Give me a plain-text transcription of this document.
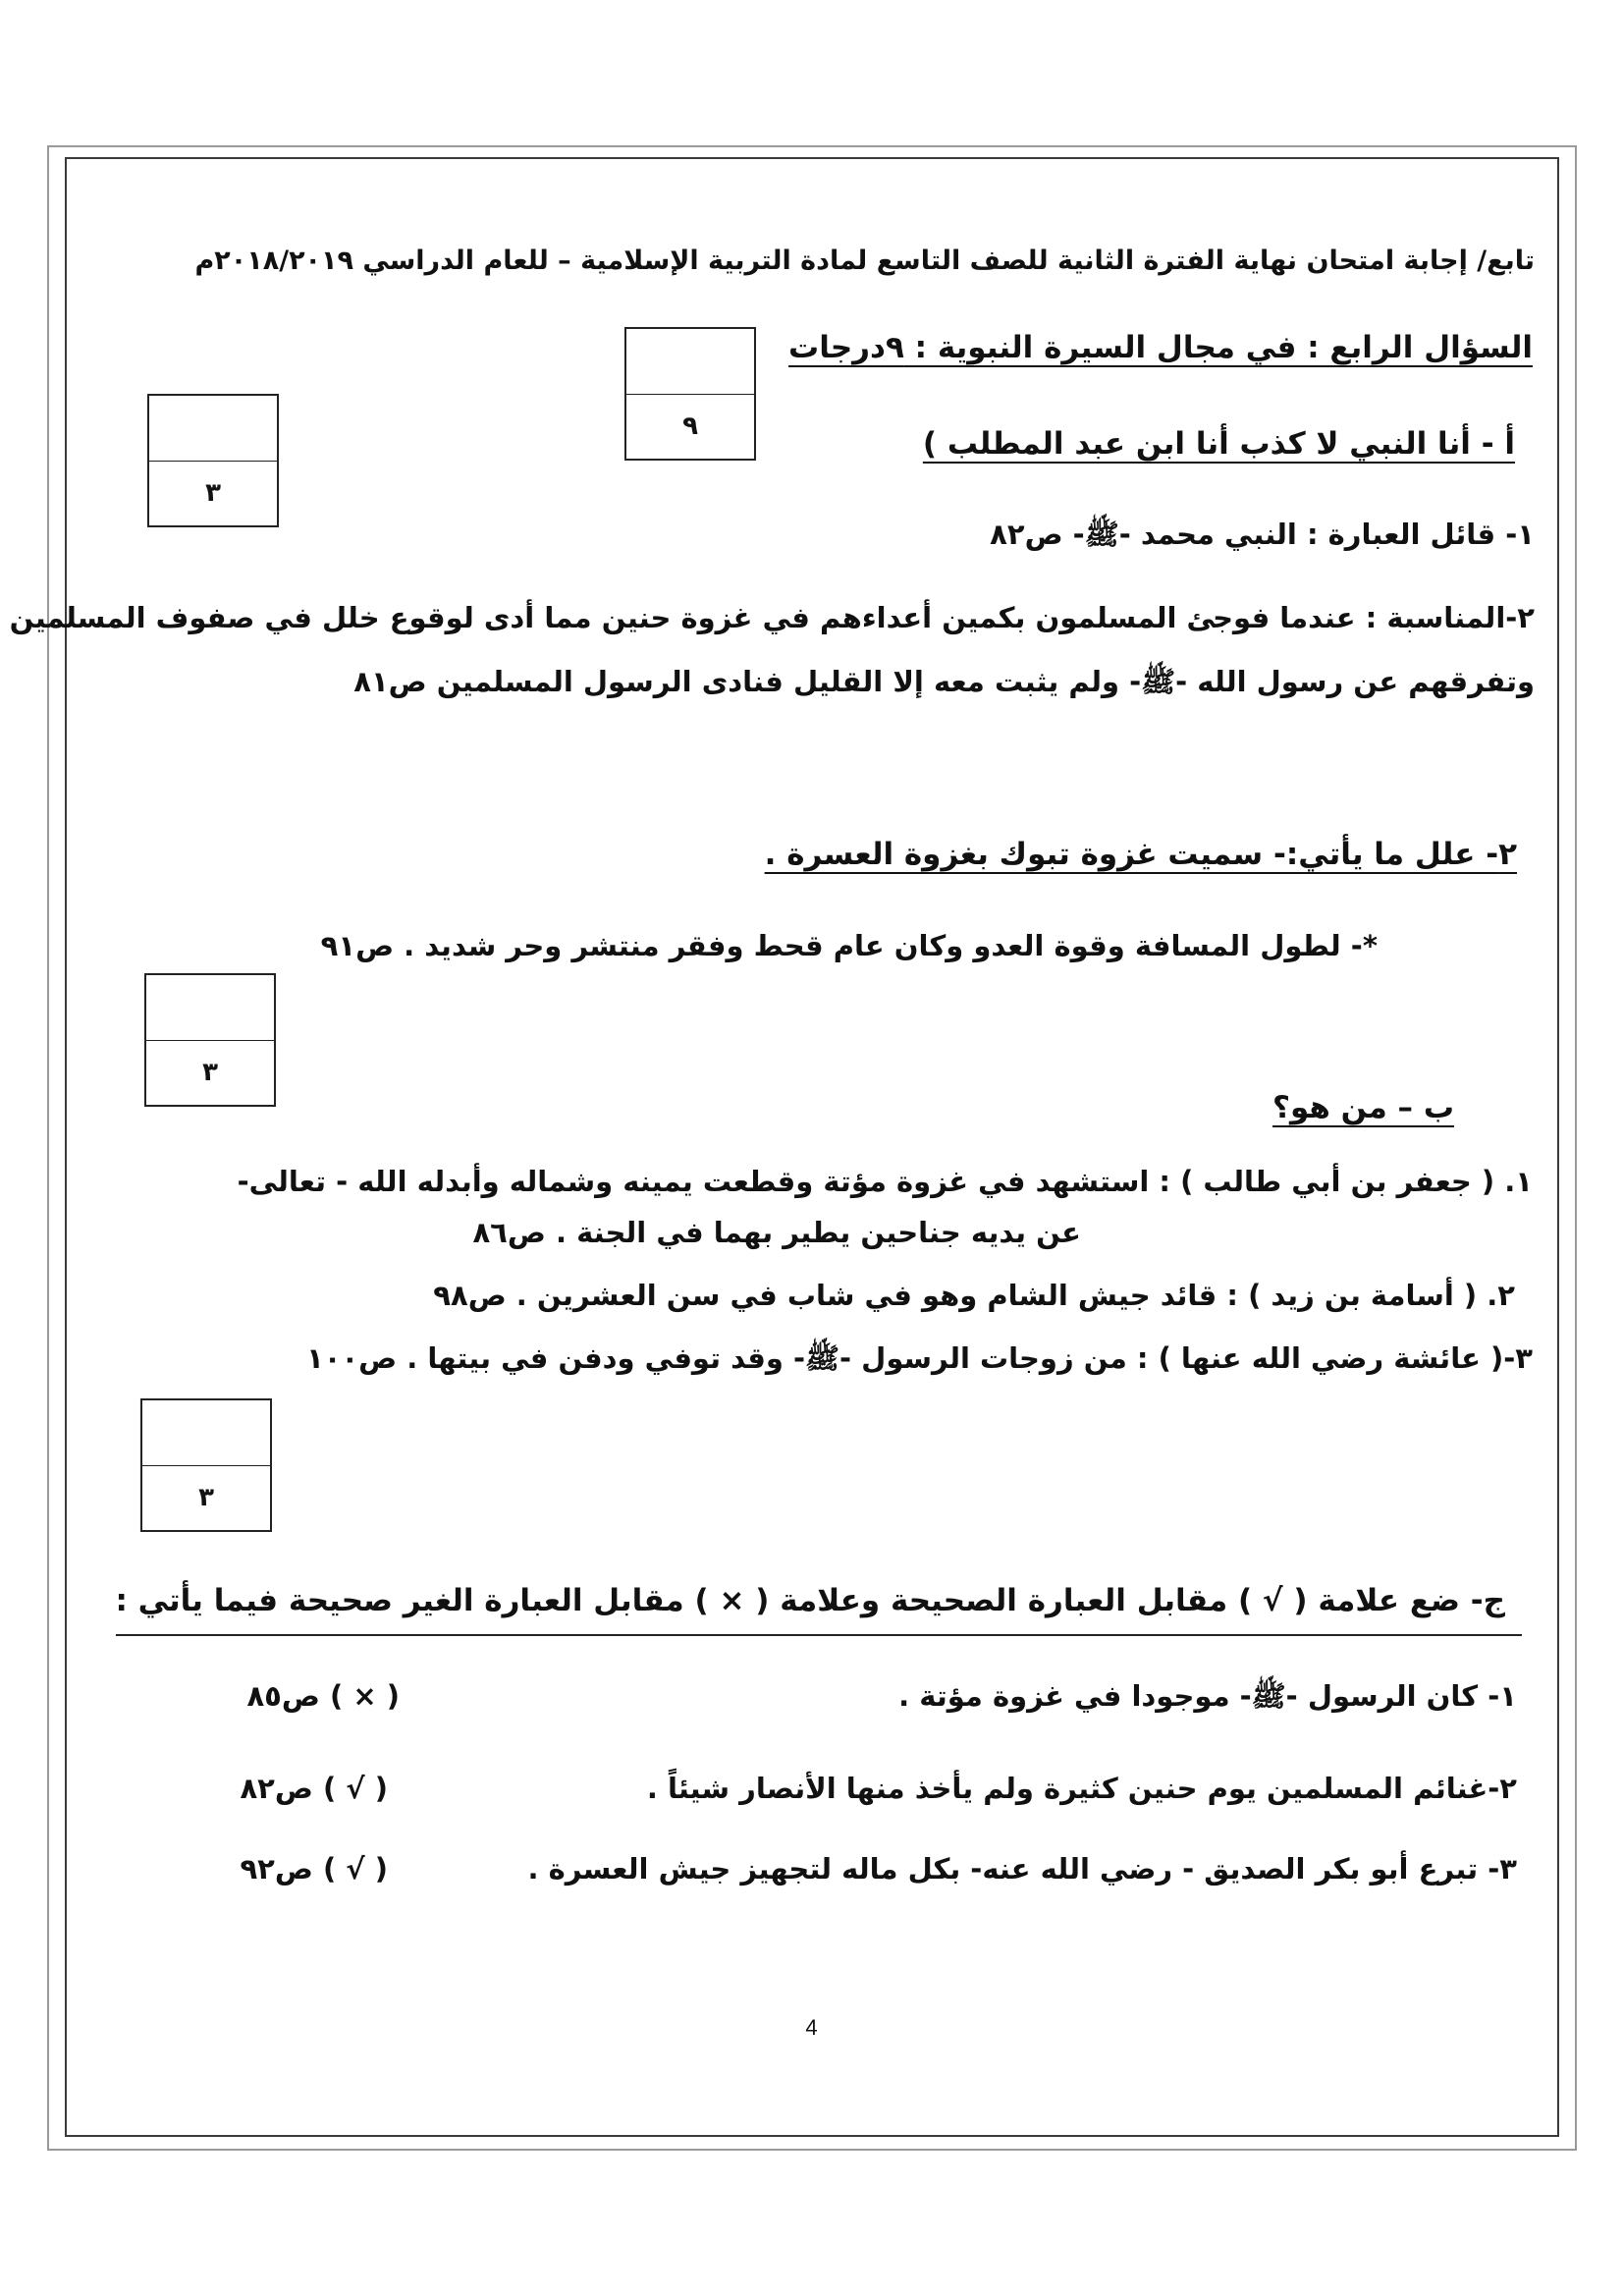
تابع/ إجابة امتحان نهاية الفترة الثانية للصف التاسع لمادة التربية الإسلامية – للعام الدراسي ٢٠١٨/٢٠١٩م
السؤال الرابع : في مجال السيرة النبوية : ٩درجات
٩
٣
أ - أنا النبي لا كذب أنا ابن عبد المطلب )
١- قائل العبارة : النبي محمد -ﷺ- ص٨٢
٢-المناسبة : عندما فوجئ المسلمون بكمين أعداءهم في غزوة حنين مما أدى لوقوع خلل في صفوف المسلمين
وتفرقهم عن رسول الله -ﷺ- ولم يثبت معه إلا القليل فنادى الرسول المسلمين ص٨١
٢- علل ما يأتي:- سميت غزوة تبوك بغزوة العسرة .
*- لطول المسافة وقوة العدو وكان عام قحط وفقر منتشر وحر شديد . ص٩١
٣
ب – من هو؟
١. ( جعفر بن أبي طالب ) : استشهد في غزوة مؤتة وقطعت يمينه وشماله وأبدله الله - تعالى-
عن يديه جناحين يطير بهما في الجنة . ص٨٦
٢. ( أسامة بن زيد ) : قائد جيش الشام وهو في شاب في سن العشرين . ص٩٨
٣-( عائشة رضي الله عنها ) : من زوجات الرسول -ﷺ- وقد توفي ودفن في بيتها . ص١٠٠
٣
ج- ضع علامة ( √ ) مقابل العبارة الصحيحة وعلامة ( × ) مقابل العبارة الغير صحيحة فيما يأتي :
١- كان الرسول -ﷺ- موجودا في غزوة مؤتة .
( × ) ص٨٥
٢-غنائم المسلمين يوم حنين كثيرة ولم يأخذ منها الأنصار شيئاً .
( √ ) ص٨٢
٣- تبرع أبو بكر الصديق - رضي الله عنه- بكل ماله لتجهيز جيش العسرة .
( √ ) ص٩٢
4
